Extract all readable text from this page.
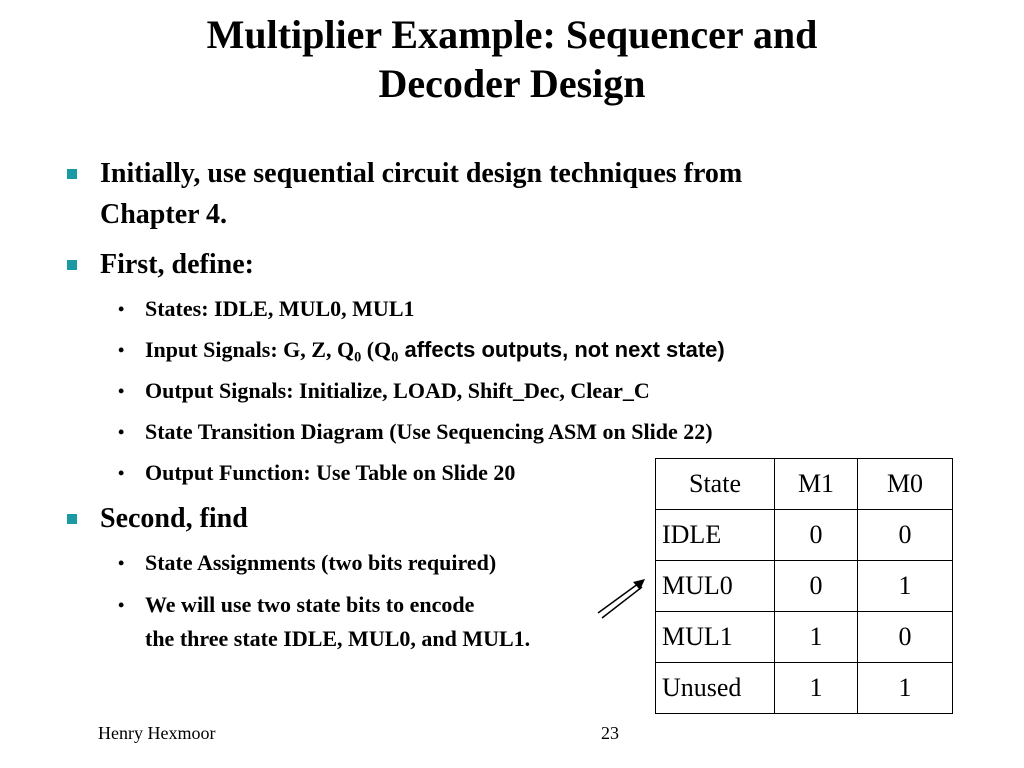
Multiplier Example: Sequencer and
Decoder Design
Initially, use sequential circuit design techniques from
Chapter 4.
First, define:
• States: IDLE, MUL0, MUL1
• Input Signals: G, Z, $Q_0$ ($Q_0$ affects outputs, not next state)
• Output Signals: Initialize, LOAD, Shift_Dec, Clear_C
• State Transition Diagram (Use Sequencing ASM on Slide 22)
• Output Function: Use Table on Slide 20
Second, find
• State Assignments (two bits required)
• We will use two state bits to encode
the three state IDLE, MUL0, and MUL1.
State	M1	M0
IDLE	0	0
MUL0	0	1
MUL1	1	0
Unused	1	1
Henry Hexmoor	23
